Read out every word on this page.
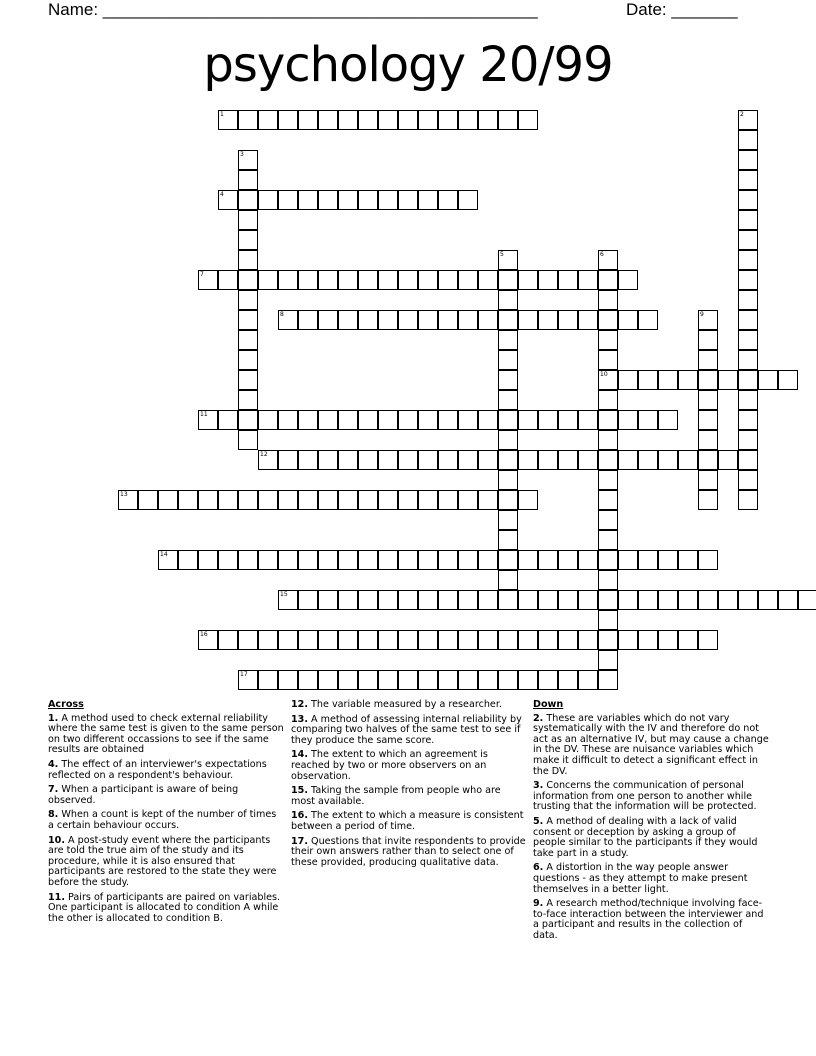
Name: ______________________________________________	Date: _______
psychology 20/99
1	2
3
4
5	6
10
7
8	9
11
12
13
14
15
16
17
Across
1. A method used to check external reliability where the same test is given to the same person on two different occassions to see if the same results are obtained
4. The effect of an interviewer's expectations reflected on a respondent's behaviour.
7. When a participant is aware of being observed.
8. When a count is kept of the number of times a certain behaviour occurs.
10. A post-study event where the participants are told the true aim of the study and its procedure, while it is also ensured that participants are restored to the state they were before the study.
11. Pairs of participants are paired on variables. One participant is allocated to condition A while the other is allocated to condition B.
12. The variable measured by a researcher.
13. A method of assessing internal reliability by comparing two halves of the same test to see if they produce the same score.
14. The extent to which an agreement is reached by two or more observers on an observation.
15. Taking the sample from people who are most available.
16. The extent to which a measure is consistent between a period of time.
17. Questions that invite respondents to provide their own answers rather than to select one of these provided, producing qualitative data.
Down
2. These are variables which do not vary systematically with the IV and therefore do not act as an alternative IV, but may cause a change in the DV. These are nuisance variables which make it difficult to detect a significant effect in the DV.
3. Concerns the communication of personal information from one person to another while trusting that the information will be protected.
5. A method of dealing with a lack of valid consent or deception by asking a group of people similar to the participants if they would take part in a study.
6. A distortion in the way people answer questions - as they attempt to make present themselves in a better light.
9. A research method/technique involving face-to-face interaction between the interviewer and a participant and results in the collection of data.
